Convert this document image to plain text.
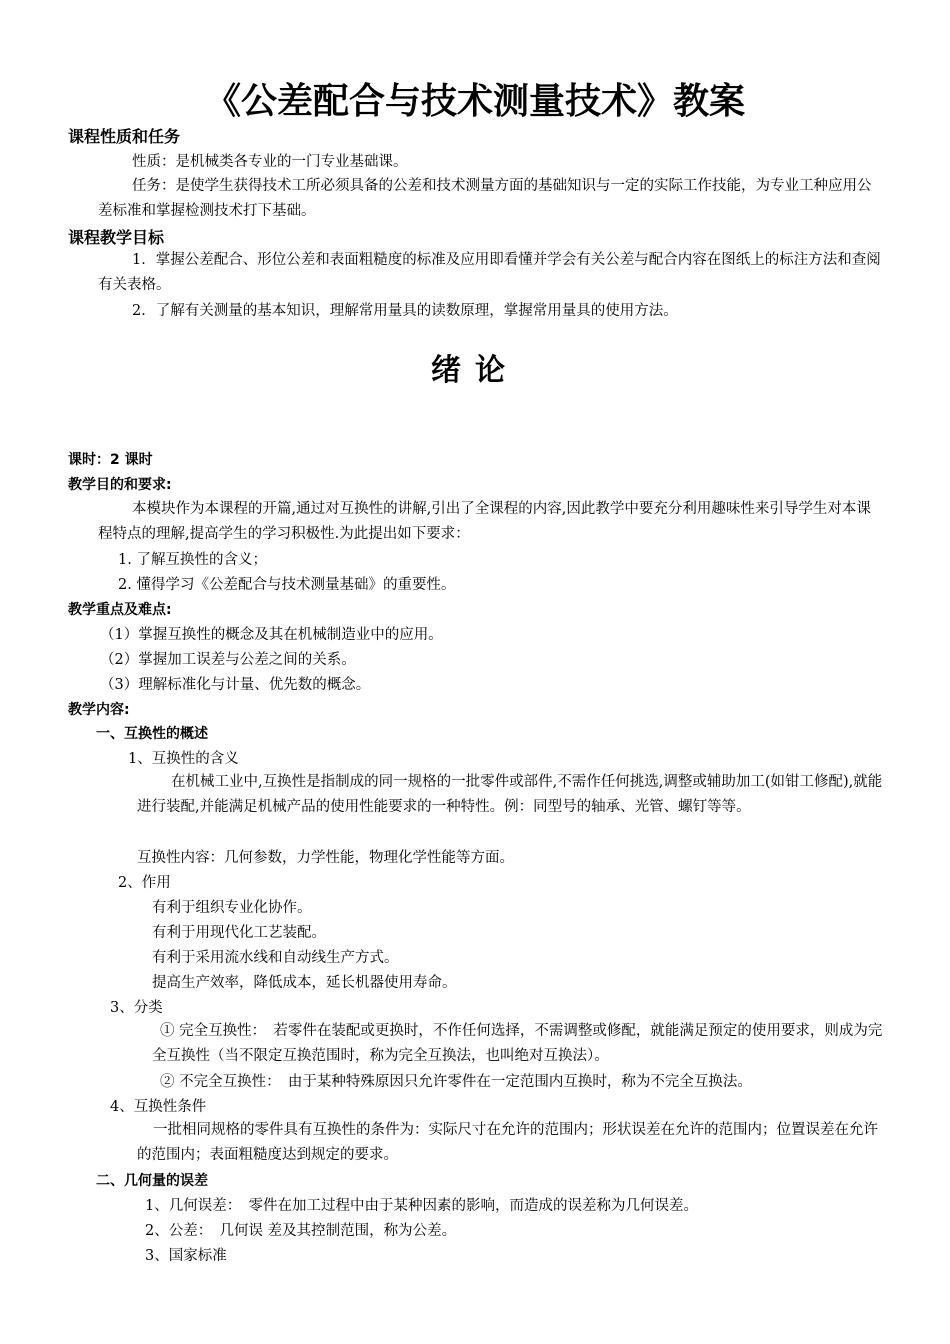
《公差配合与技术测量技术》教案
课程性质和任务
性质：是机械类各专业的一门专业基础课。
任务：是使学生获得技术工所必须具备的公差和技术测量方面的基础知识与一定的实际工作技能，为专业工种应用公差标准和掌握检测技术打下基础。
课程教学目标
1．掌握公差配合、形位公差和表面粗糙度的标准及应用即看懂并学会有关公差与配合内容在图纸上的标注方法和查阅有关表格。
2．了解有关测量的基本知识，理解常用量具的读数原理，掌握常用量具的使用方法。
绪论
课时：2 课时
教学目的和要求:
本模块作为本课程的开篇,通过对互换性的讲解,引出了全课程的内容,因此教学中要充分利用趣味性来引导学生对本课程特点的理解,提高学生的学习积极性.为此提出如下要求：
1. 了解互换性的含义；
2. 懂得学习《公差配合与技术测量基础》的重要性。
教学重点及难点:
（1）掌握互换性的概念及其在机械制造业中的应用。
（2）掌握加工误差与公差之间的关系。
（3）理解标准化与计量、优先数的概念。
教学内容:
一、互换性的概述
1、互换性的含义
在机械工业中,互换性是指制成的同一规格的一批零件或部件,不需作任何挑选,调整或辅助加工(如钳工修配),就能进行装配,并能满足机械产品的使用性能要求的一种特性。例：同型号的轴承、光管、螺钉等等。
互换性内容：几何参数，力学性能，物理化学性能等方面。
2、作用
有利于组织专业化协作。
有利于用现代化工艺装配。
有利于采用流水线和自动线生产方式。
提高生产效率，降低成本，延长机器使用寿命。
3、分类
① 完全互换性：　若零件在装配或更换时，不作任何选择，不需调整或修配，就能满足预定的使用要求，则成为完全互换性（当不限定互换范围时，称为完全互换法，也叫绝对互换法）。
② 不完全互换性：　由于某种特殊原因只允许零件在一定范围内互换时，称为不完全互换法。
4、互换性条件
一批相同规格的零件具有互换性的条件为：实际尺寸在允许的范围内；形状误差在允许的范围内；位置误差在允许的范围内；表面粗糙度达到规定的要求。
二、几何量的误差
1、几何误差：　零件在加工过程中由于某种因素的影响，而造成的误差称为几何误差。
2、公差：　几何误 差及其控制范围，称为公差。
3、国家标准
